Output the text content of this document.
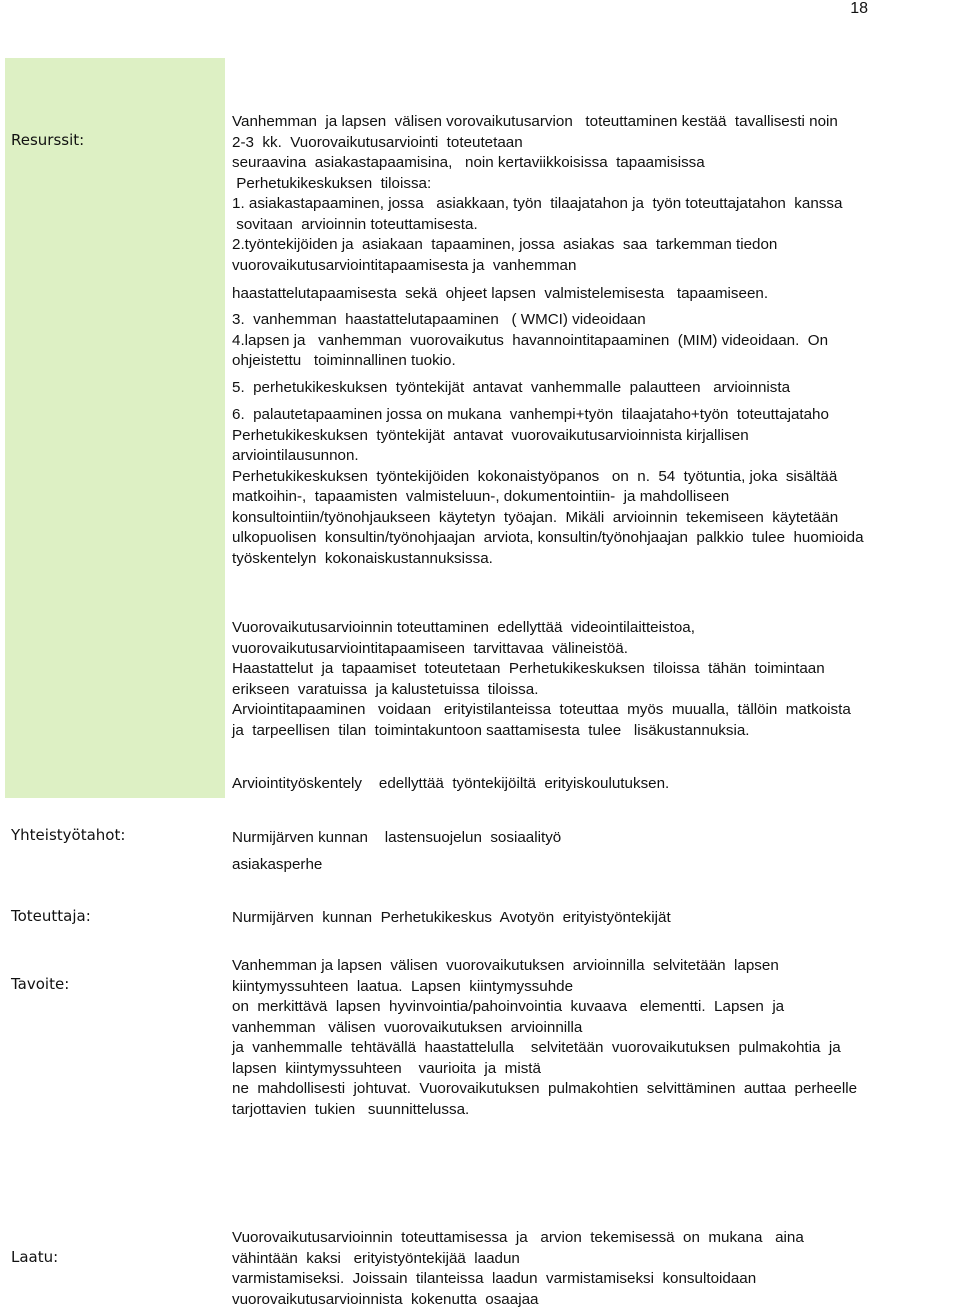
18
Resurssit:
Yhteistyötahot:
Toteuttaja:
Tavoite:
Laatu:
Vanhemman  ja lapsen  välisen vorovaikutusarvion   toteuttaminen kestää  tavallisesti noin
2-3  kk.  Vuorovaikutusarviointi  toteutetaan
seuraavina  asiakastapaamisina,   noin kertaviikkoisissa  tapaamisissa
Perhetukikeskuksen  tiloissa:
1. asiakastapaaminen, jossa   asiakkaan, työn  tilaajatahon ja  työn toteuttajatahon  kanssa
sovitaan  arvioinnin toteuttamisesta.
2.työntekijöiden ja  asiakaan  tapaaminen, jossa  asiakas  saa  tarkemman tiedon
vuorovaikutusarviointitapaamisesta ja  vanhemman
haastattelutapaamisesta  sekä  ohjeet lapsen  valmistelemisesta   tapaamiseen.
3.  vanhemman  haastattelutapaaminen   ( WMCI) videoidaan
4.lapsen ja   vanhemman  vuorovaikutus  havannointitapaaminen  (MIM) videoidaan.  On
ohjeistettu   toiminnallinen tuokio.
5.  perhetukikeskuksen  työntekijät  antavat  vanhemmalle  palautteen   arvioinnista
6.  palautetapaaminen jossa on mukana  vanhempi+työn  tilaajataho+työn  toteuttajataho
Perhetukikeskuksen  työntekijät  antavat  vuorovaikutusarvioinnista kirjallisen
arviointilausunnon.
Perhetukikeskuksen  työntekijöiden  kokonaistyöpanos   on  n.  54  työtuntia, joka  sisältää
matkoihin-,  tapaamisten  valmisteluun-, dokumentointiin-  ja mahdolliseen
konsultointiin/työnohjaukseen  käytetyn  työajan.  Mikäli  arvioinnin  tekemiseen  käytetään
ulkopuolisen  konsultin/työnohjaajan  arviota, konsultin/työnohjaajan  palkkio  tulee  huomioida
työskentelyn  kokonaiskustannuksissa.
Vuorovaikutusarvioinnin toteuttaminen  edellyttää  videointilaitteistoa,
vuorovaikutusarviointitapaamiseen  tarvittavaa  välineistöä.
Haastattelut  ja  tapaamiset  toteutetaan  Perhetukikeskuksen  tiloissa  tähän  toimintaan
erikseen  varatuissa  ja kalustetuissa  tiloissa.
Arviointitapaaminen   voidaan   erityistilanteissa  toteuttaa  myös  muualla,  tällöin  matkoista
ja  tarpeellisen  tilan  toimintakuntoon saattamisesta  tulee   lisäkustannuksia.
Arviointityöskentely    edellyttää  työntekijöiltä  erityiskoulutuksen.
Nurmijärven kunnan    lastensuojelun  sosiaalityö
asiakasperhe
Nurmijärven  kunnan  Perhetukikeskus  Avotyön  erityistyöntekijät
Vanhemman ja lapsen  välisen  vuorovaikutuksen  arvioinnilla  selvitetään  lapsen
kiintymyssuhteen  laatua.  Lapsen  kiintymyssuhde
on  merkittävä  lapsen  hyvinvointia/pahoinvointia  kuvaava   elementti.  Lapsen  ja
vanhemman   välisen  vuorovaikutuksen  arvioinnilla
ja  vanhemmalle  tehtävällä  haastattelulla    selvitetään  vuorovaikutuksen  pulmakohtia  ja
lapsen  kiintymyssuhteen    vaurioita  ja  mistä
ne  mahdollisesti  johtuvat.  Vuorovaikutuksen  pulmakohtien  selvittäminen  auttaa  perheelle
tarjottavien  tukien   suunnittelussa.
Vuorovaikutusarvioinnin  toteuttamisessa  ja   arvion  tekemisessä  on  mukana   aina
vähintään  kaksi   erityistyöntekijää  laadun
varmistamiseksi.  Joissain  tilanteissa  laadun  varmistamiseksi  konsultoidaan
vuorovaikutusarvioinnista  kokenutta  osaajaa
